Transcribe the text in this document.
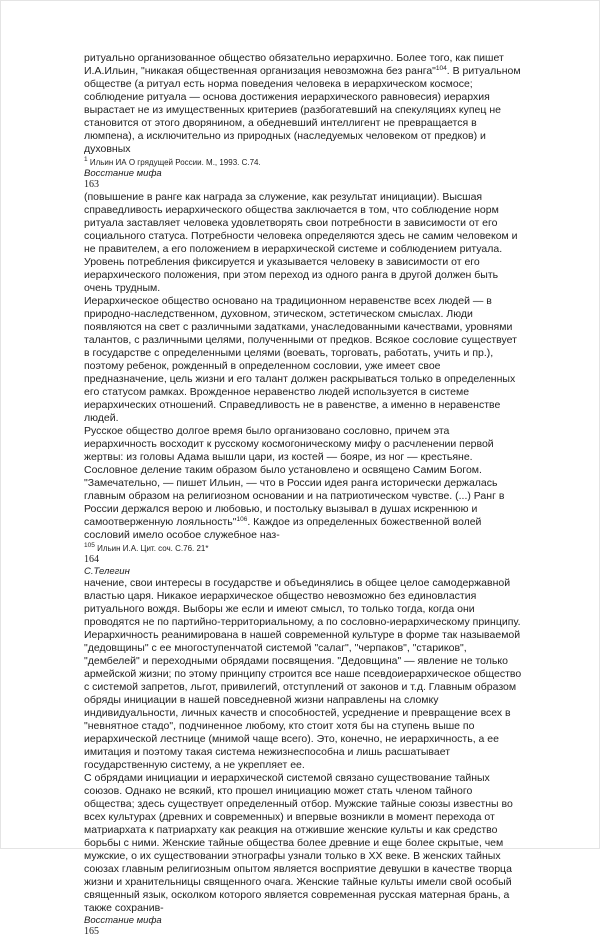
ритуально организованное общество обязательно иерархично. Более того, как пишет И.А.Ильин, "никакая общественная организация невозможна без ранга"$^{104}$. В ритуальном обществе (а ритуал есть норма поведения человека в иерархическом космосе; соблюдение ритуала — основа достижения иерархического равновесия) иерархия вырастает не из имущественных критериев (разбогатевший на спекуляциях купец не становится от этого дворянином, а обедневший интеллигент не превращается в люмпена), а исключительно из природных (наследуемых человеком от предков) и духовных

$^1$ Ильин ИА О грядущей России. М., 1993. С.74.

Восстание мифа

163

(повышение в ранге как награда за служение, как результат инициации). Высшая справедливость иерархического общества заключается в том, что соблюдение норм ритуала заставляет человека удовлетворять свои потребности в зависимости от его социального статуса. Потребности человека определяются здесь не самим человеком и не правителем, а его положением в иерархической системе и соблюдением ритуала. Уровень потребления фиксируется и указывается человеку в зависимости от его иерархического положения, при этом переход из одного ранга в другой должен быть очень трудным.

Иерархическое общество основано на традиционном неравенстве всех людей — в природно-наследственном, духовном, этическом, эстетическом смыслах. Люди появляются на свет с различными задатками, унаследованными качествами, уровнями талантов, с различными целями, полученными от предков. Всякое сословие существует в государстве с определенными целями (воевать, торговать, работать, учить и пр.), поэтому ребенок, рожденный в определенном сословии, уже имеет свое предназначение, цель жизни и его талант должен раскрываться только в определенных его статусом рамках. Врожденное неравенство людей используется в системе иерархических отношений. Справедливость не в равенстве, а именно в неравенстве людей.

Русское общество долгое время было организовано сословно, причем эта иерархичность восходит к русскому космогоническому мифу о расчленении первой жертвы: из головы Адама вышли цари, из костей — бояре, из ног — крестьяне. Сословное деление таким образом было установлено и освящено Самим Богом. "Замечательно, — пишет Ильин, — что в России идея ранга исторически держалась главным образом на религиозном основании и на патриотическом чувстве. (...) Ранг в России держался верою и любовью, и постольку вызывал в душах искреннюю и самоотверженную лояльность"$^{106}$. Каждое из определенных божественной волей сословий имело особое служебное наз-

$^{105}$ Ильин И.А. Цит. соч. С.76. 21*

164

С.Телегин

начение, свои интересы в государстве и объединялись в общее целое самодержавной властью царя. Никакое иерархическое общество невозможно без единовластия ритуального вождя. Выборы же если и имеют смысл, то только тогда, когда они проводятся не по партийно-территориальному, а по сословно-иерархическому принципу.

Иерархичность реанимирована в нашей современной культуре в форме так называемой "дедовщины" с ее многоступенчатой системой "салаг", "черпаков", "стариков", "дембелей" и переходными обрядами посвящения. "Дедовщина" — явление не только армейской жизни; по этому принципу строится все наше псевдоиерархическое общество с системой запретов, льгот, привилегий, отступлений от законов и т.д. Главным образом обряды инициации в нашей повседневной жизни направлены на сломку индивидуальности, личных качеств и способностей, усреднение и превращение всех в "невнятное стадо", подчиненное любому, кто стоит хотя бы на ступень выше по иерархической лестнице (мнимой чаще всего). Это, конечно, не иерархичность, а ее имитация и поэтому такая система нежизнеспособна и лишь расшатывает государственную систему, а не укрепляет ее.

С обрядами инициации и иерархической системой связано существование тайных союзов. Однако не всякий, кто прошел инициацию может стать членом тайного общества; здесь существует определенный отбор. Мужские тайные союзы известны во всех культурах (древних и современных) и впервые возникли в момент перехода от матриархата к патриархату как реакция на отжившие женские культы и как средство борьбы с ними. Женские тайные общества более древние и еще более скрытые, чем мужские, о их существовании этнографы узнали только в XX веке. В женских тайных союзах главным религиозным опытом является восприятие девушки в качестве творца жизни и хранительницы священного очага. Женские тайные культы имели свой особый священный язык, осколком которого является современная русская матерная брань, а также сохранив-

Восстание мифа

165
